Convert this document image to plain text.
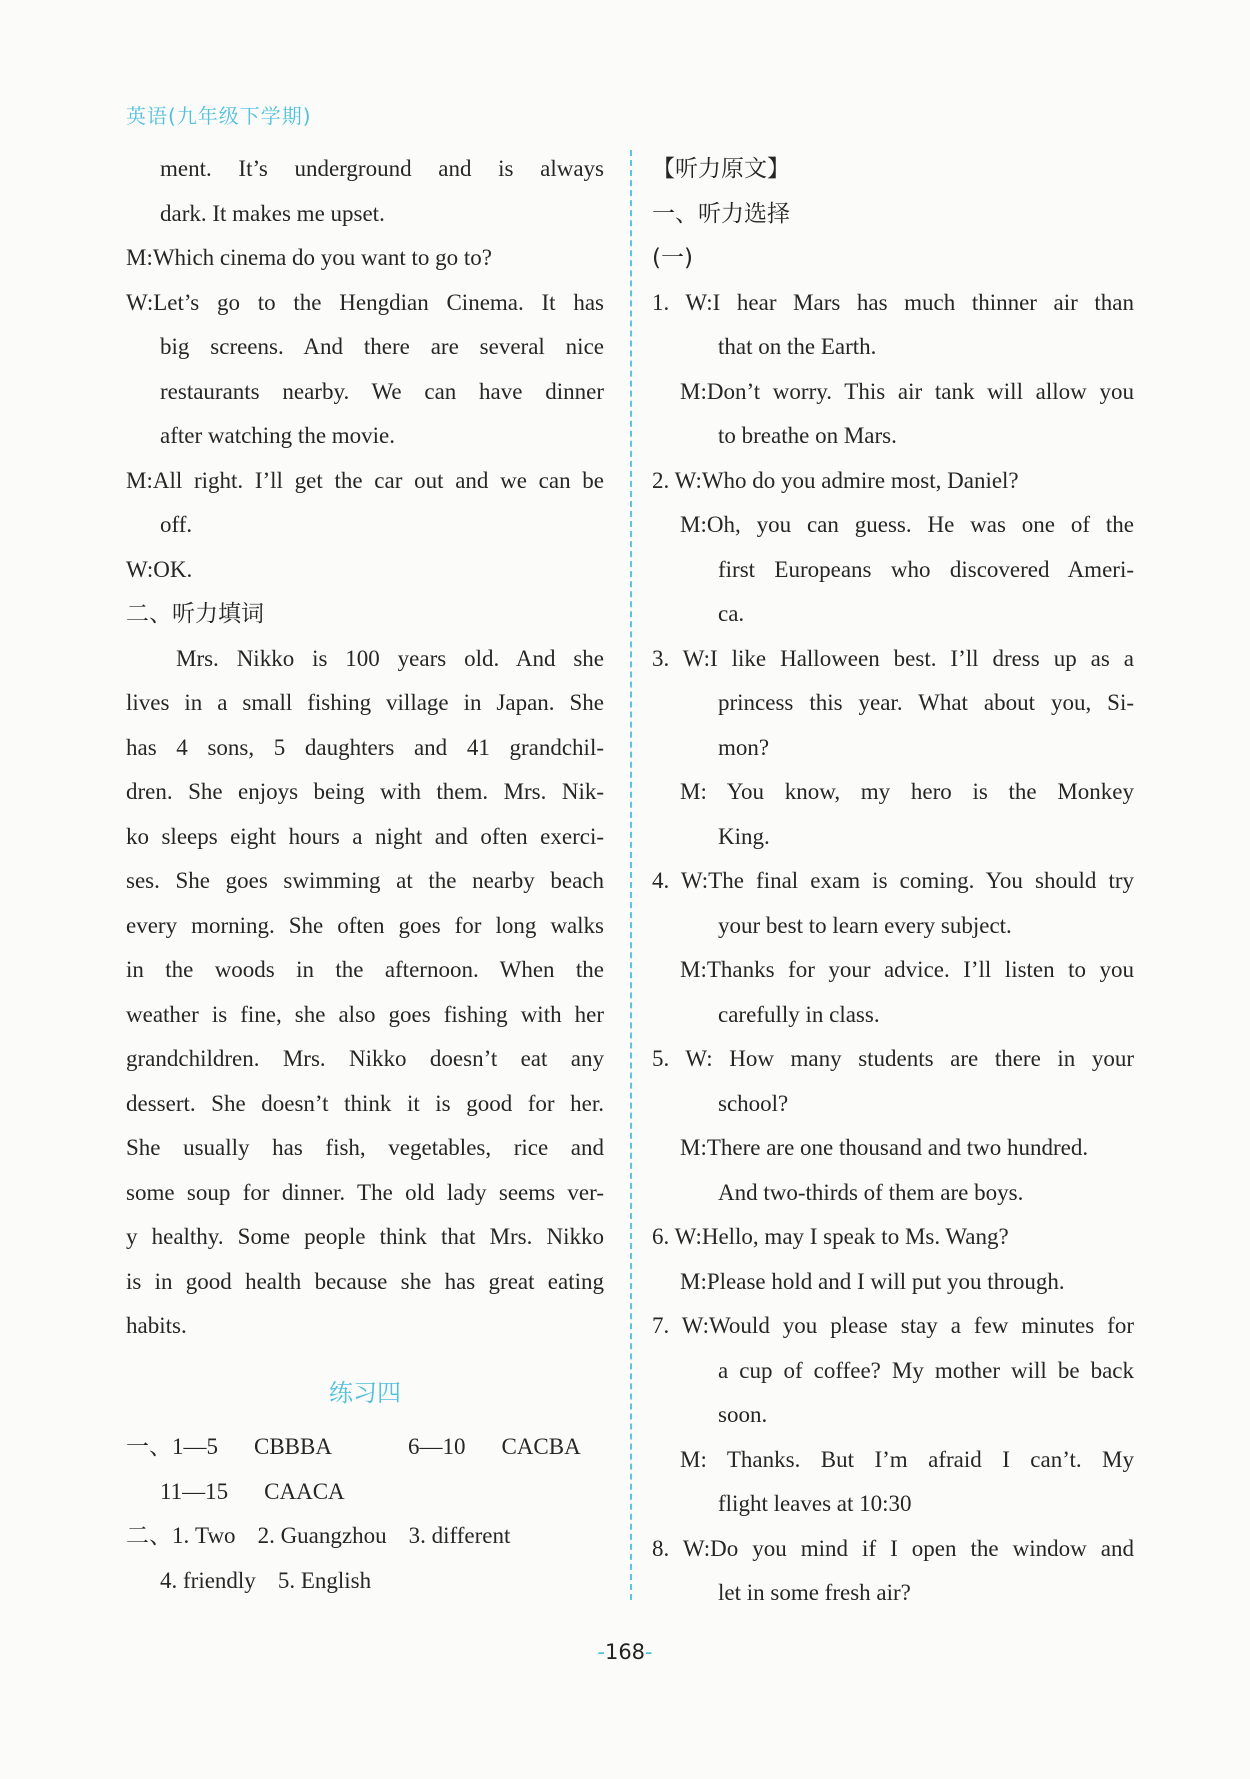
英语(九年级下学期)
ment. It’s underground and is always
dark. It makes me upset.
M:Which cinema do you want to go to?
W:Let’s go to the Hengdian Cinema. It has
big screens. And there are several nice
restaurants nearby. We can have dinner
after watching the movie.
M:All right. I’ll get the car out and we can be
off.
W:OK.
二、听力填词
Mrs. Nikko is 100 years old. And she
lives in a small fishing village in Japan. She
has 4 sons, 5 daughters and 41 grandchil-
dren. She enjoys being with them. Mrs. Nik-
ko sleeps eight hours a night and often exerci-
ses. She goes swimming at the nearby beach
every morning. She often goes for long walks
in the woods in the afternoon. When the
weather is fine, she also goes fishing with her
grandchildren. Mrs. Nikko doesn’t eat any
dessert. She doesn’t think it is good for her.
She usually has fish, vegetables, rice and
some soup for dinner. The old lady seems ver-
y healthy. Some people think that Mrs. Nikko
is in good health because she has great eating
habits.
练习四
一、1—5 CBBBA	6—10 CACBA
11—15 CAACA
二、1. Two 2. Guangzhou 3. different
4. friendly 5. English
【听力原文】
一、听力选择
(一)
1. W:I hear Mars has much thinner air than
that on the Earth.
M:Don’t worry. This air tank will allow you
to breathe on Mars.
2. W:Who do you admire most, Daniel?
M:Oh, you can guess. He was one of the
first Europeans who discovered Ameri-
ca.
3. W:I like Halloween best. I’ll dress up as a
princess this year. What about you, Si-
mon?
M: You know, my hero is the Monkey
King.
4. W:The final exam is coming. You should try
your best to learn every subject.
M:Thanks for your advice. I’ll listen to you
carefully in class.
5. W: How many students are there in your
school?
M:There are one thousand and two hundred.
And two-thirds of them are boys.
6. W:Hello, may I speak to Ms. Wang?
M:Please hold and I will put you through.
7. W:Would you please stay a few minutes for
a cup of coffee? My mother will be back
soon.
M: Thanks. But I’m afraid I can’t. My
flight leaves at 10:30
8. W:Do you mind if I open the window and
let in some fresh air?
-168-
